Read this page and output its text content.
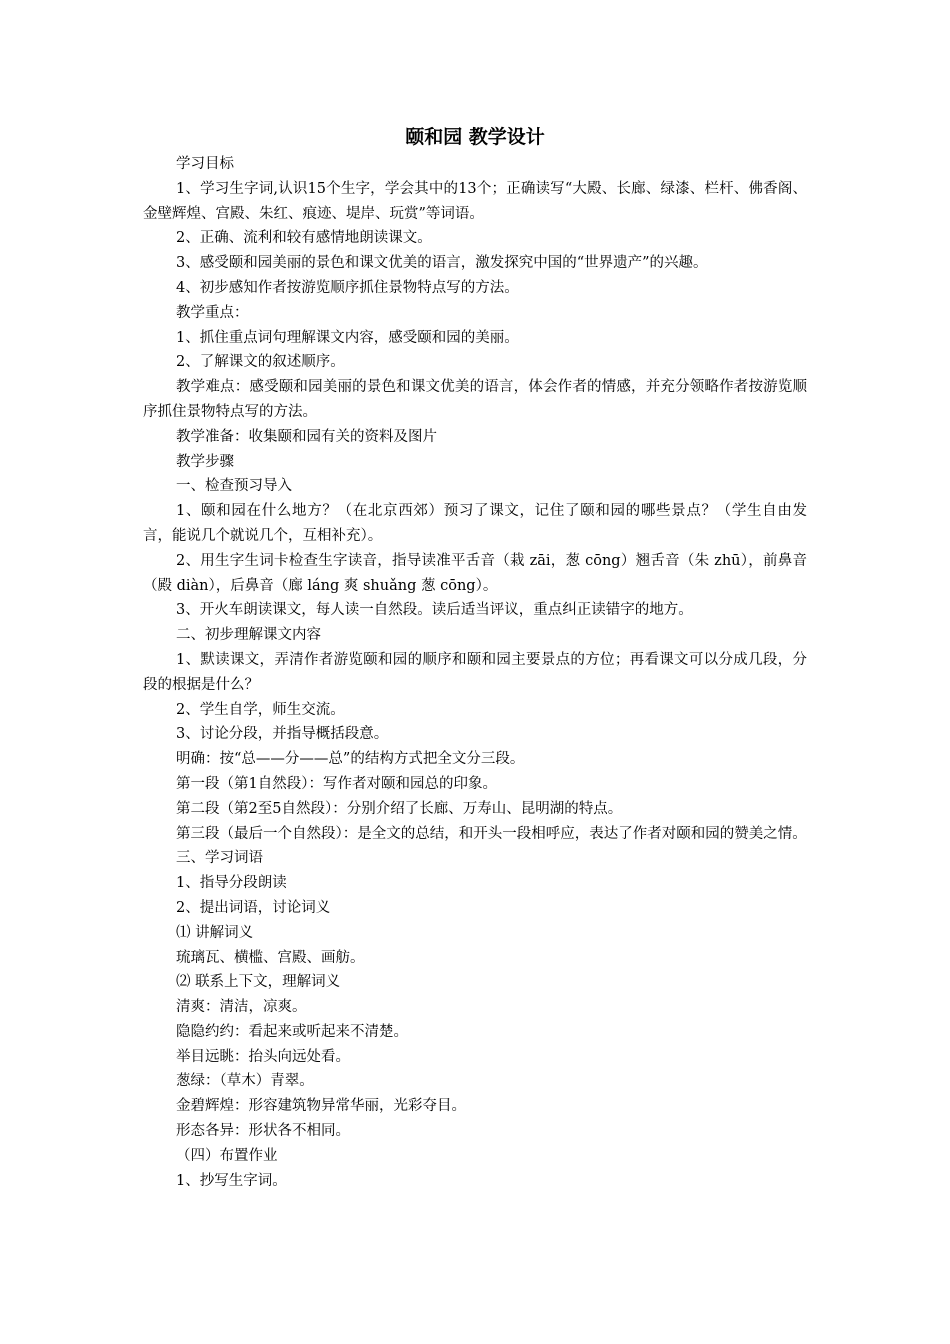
颐和园 教学设计

学习目标

1、学习生字词,认识15个生字，学会其中的13个；正确读写“大殿、长廊、绿漆、栏杆、佛香阁、金壁辉煌、宫殿、朱红、痕迹、堤岸、玩赏”等词语。

2、正确、流利和较有感情地朗读课文。

3、感受颐和园美丽的景色和课文优美的语言，激发探究中国的“世界遗产”的兴趣。

4、初步感知作者按游览顺序抓住景物特点写的方法。

教学重点：

1、抓住重点词句理解课文内容，感受颐和园的美丽。

2、了解课文的叙述顺序。

教学难点：感受颐和园美丽的景色和课文优美的语言，体会作者的情感，并充分领略作者按游览顺序抓住景物特点写的方法。

教学准备：收集颐和园有关的资料及图片

教学步骤

一、检查预习导入

1、颐和园在什么地方？（在北京西郊）预习了课文，记住了颐和园的哪些景点？（学生自由发言，能说几个就说几个，互相补充）。

2、用生字生词卡检查生字读音，指导读准平舌音（栽 zāi，葱 cōng）翘舌音（朱 zhū），前鼻音（殿 diàn），后鼻音（廊 láng 爽 shuǎng 葱 cōng）。

3、开火车朗读课文，每人读一自然段。读后适当评议，重点纠正读错字的地方。

二、初步理解课文内容

1、默读课文，弄清作者游览颐和园的顺序和颐和园主要景点的方位；再看课文可以分成几段，分段的根据是什么？

2、学生自学，师生交流。

3、讨论分段，并指导概括段意。

明确：按“总——分——总”的结构方式把全文分三段。

第一段（第1自然段）：写作者对颐和园总的印象。

第二段（第2至5自然段）：分别介绍了长廊、万寿山、昆明湖的特点。

第三段（最后一个自然段）：是全文的总结，和开头一段相呼应，表达了作者对颐和园的赞美之情。

三、学习词语

1、指导分段朗读

2、提出词语，讨论词义

⑴ 讲解词义

琉璃瓦、横槛、宫殿、画舫。

⑵ 联系上下文，理解词义

清爽：清洁，凉爽。

隐隐约约：看起来或听起来不清楚。

举目远眺：抬头向远处看。

葱绿：（草木）青翠。

金碧辉煌：形容建筑物异常华丽，光彩夺目。

形态各异：形状各不相同。

（四）布置作业

1、抄写生字词。
